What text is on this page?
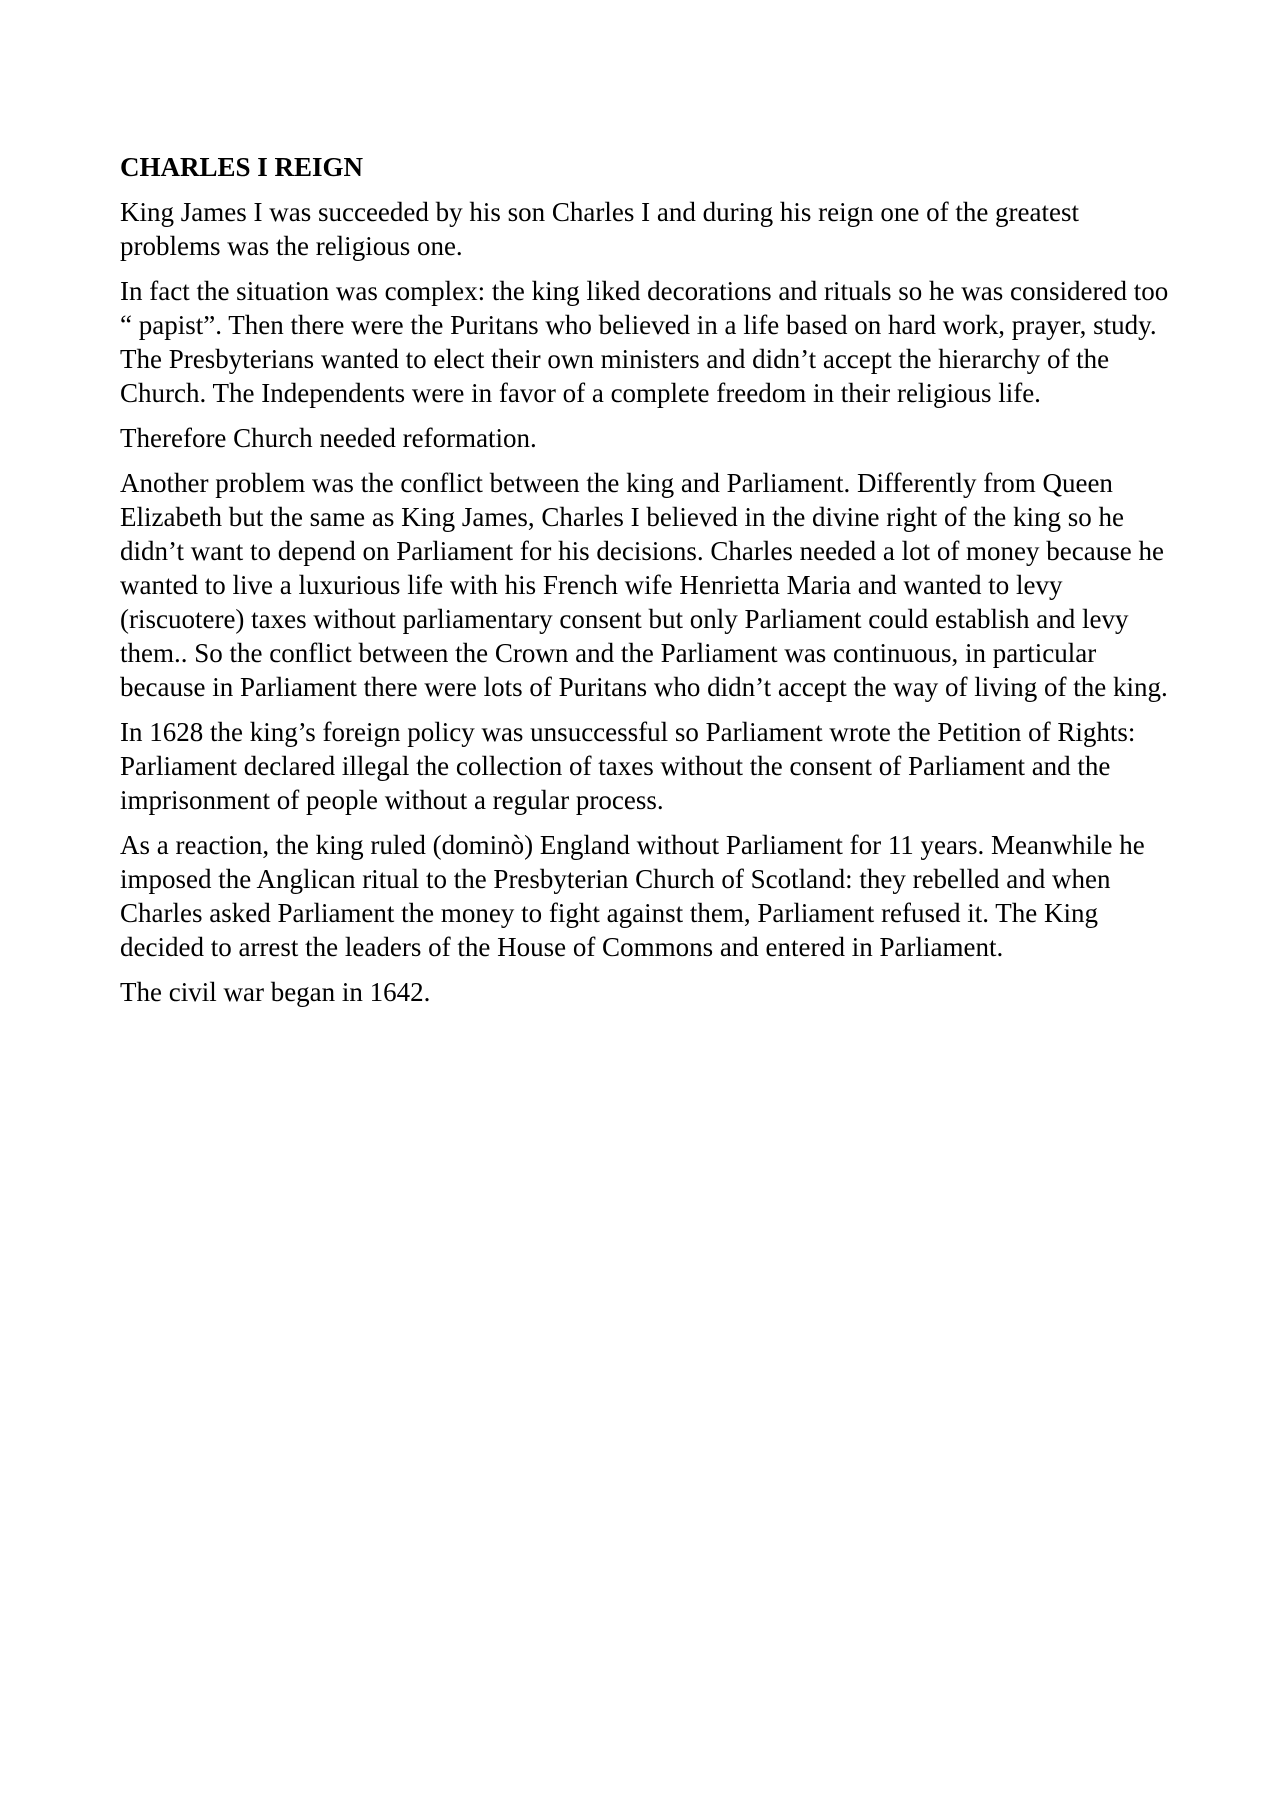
CHARLES I REIGN

King James I was succeeded by his son Charles I and during his reign one of the greatest problems was the religious one.

In fact the situation was complex: the king liked decorations and rituals so he was considered too “ papist”. Then there were the Puritans who believed in a life based on hard work, prayer, study. The Presbyterians wanted to elect their own ministers and didn’t accept the hierarchy of the Church. The Independents were in favor of a complete freedom in their religious life.

Therefore Church needed reformation.

Another problem was the conflict between the king and Parliament. Differently from Queen Elizabeth but the same as King James, Charles I believed in the divine right of the king so he didn’t want to depend on Parliament for his decisions. Charles needed a lot of money because he wanted to live a luxurious life with his French wife Henrietta Maria and wanted to levy (riscuotere) taxes without parliamentary consent but only Parliament could establish and levy them.. So the conflict between the Crown and the Parliament was continuous, in particular because in Parliament there were lots of Puritans who didn’t accept the way of living of the king.

In 1628 the king’s foreign policy was unsuccessful so Parliament wrote the Petition of Rights: Parliament declared illegal the collection of taxes without the consent of Parliament and the imprisonment of people without a regular process.

As a reaction, the king ruled (dominò) England without Parliament for 11 years. Meanwhile he imposed the Anglican ritual to the Presbyterian Church of Scotland: they rebelled and when Charles asked Parliament the money to fight against them, Parliament refused it. The King decided to arrest the leaders of the House of Commons and entered in Parliament.

The civil war began in 1642.
